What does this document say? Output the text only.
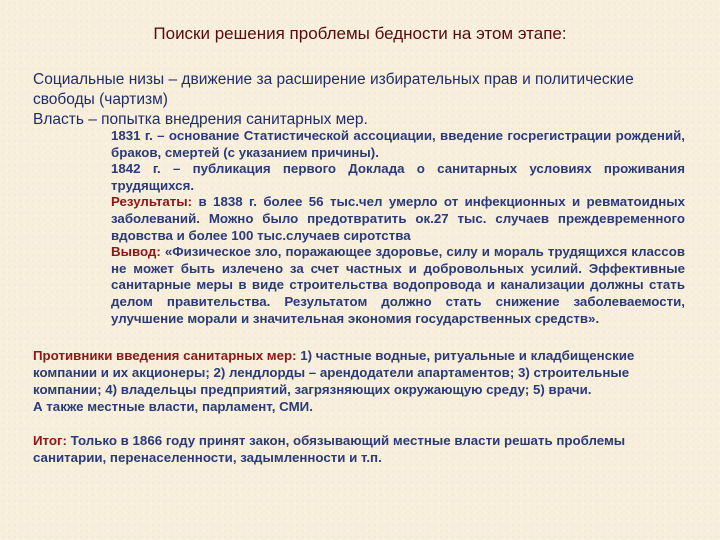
Поиски решения проблемы бедности на этом этапе:

Социальные низы – движение за расширение избирательных прав и политические свободы (чартизм)

Власть – попытка внедрения санитарных мер.

1831 г. – основание Статистической ассоциации, введение госрегистрации рождений, браков, смертей (с указанием причины).

1842 г. – публикация первого Доклада о санитарных условиях проживания трудящихся.

Результаты: в 1838 г. более 56 тыс.чел умерло от инфекционных и ревматоидных заболеваний. Можно было предотвратить ок.27 тыс. случаев преждевременного вдовства и более 100 тыс.случаев сиротства

Вывод: «Физическое зло, поражающее здоровье, силу и мораль трудящихся классов не может быть излечено за счет частных и добровольных усилий. Эффективные санитарные меры в виде строительства водопровода и канализации должны стать делом правительства. Результатом должно стать снижение заболеваемости, улучшение морали и значительная экономия государственных средств».

Противники введения санитарных мер: 1) частные водные, ритуальные и кладбищенские компании и их акционеры; 2) лендлорды – арендодатели апартаментов; 3) строительные компании; 4) владельцы предприятий, загрязняющих окружающую среду; 5) врачи.

А также местные власти, парламент, СМИ.

Итог: Только в 1866 году принят закон, обязывающий местные власти решать проблемы санитарии, перенаселенности, задымленности и т.п.
